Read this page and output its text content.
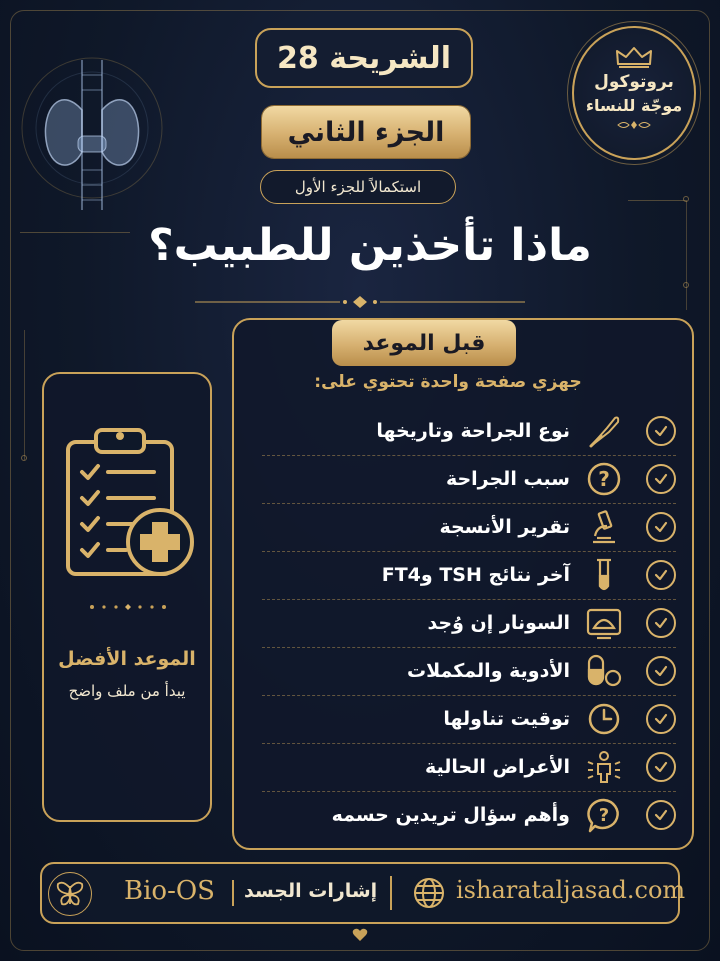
الشريحة 28
الجزء الثاني
استكمالاً للجزء الأول
ماذا تأخذين للطبيب؟
بروتوكول
موجّة للنساء
الموعد الأفضل
يبدأ من ملف واضح
قبل الموعد
جهزي صفحة واحدة تحتوي على:
نوع الجراحة وتاريخها
?
سبب الجراحة
تقرير الأنسجة
آخر نتائج TSH وFT4
السونار إن وُجد
الأدوية والمكملات
توقيت تناولها
الأعراض الحالية
?
وأهم سؤال تريدين حسمه
Bio-OS إشارات الجسد	isharataljasad.com
